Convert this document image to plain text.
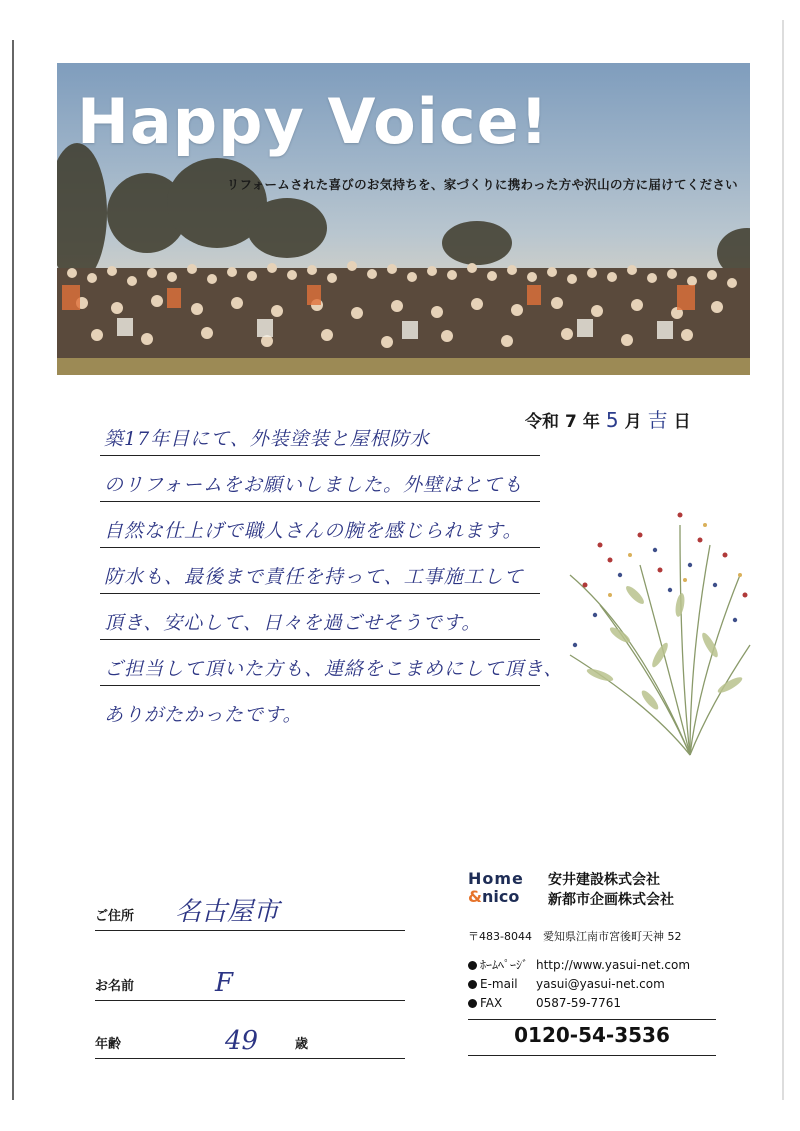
Happy Voice!
リフォームされた喜びのお気持ちを、家づくりに携わった方や沢山の方に届けてください
令和 7 年 5 月 吉 日
築17年目にて、外装塗装と屋根防水
のリフォームをお願いしました。外壁はとても
自然な仕上げで職人さんの腕を感じられます。
防水も、最後まで責任を持って、工事施工して
頂き、安心して、日々を過ごせそうです。
ご担当して頂いた方も、連絡をこまめにして頂き、
ありがたかったです。
ご住所 名古屋市
お名前	F
年齢	49	歳
Home
&nico
安井建設株式会社
新都市企画株式会社
〒483-8044　愛知県江南市宮後町天神 52
ﾎｰﾑﾍﾟｰｼﾞ http://www.yasui-net.com
E-mail	yasui@yasui-net.com
FAX	0587-59-7761
0120-54-3536
